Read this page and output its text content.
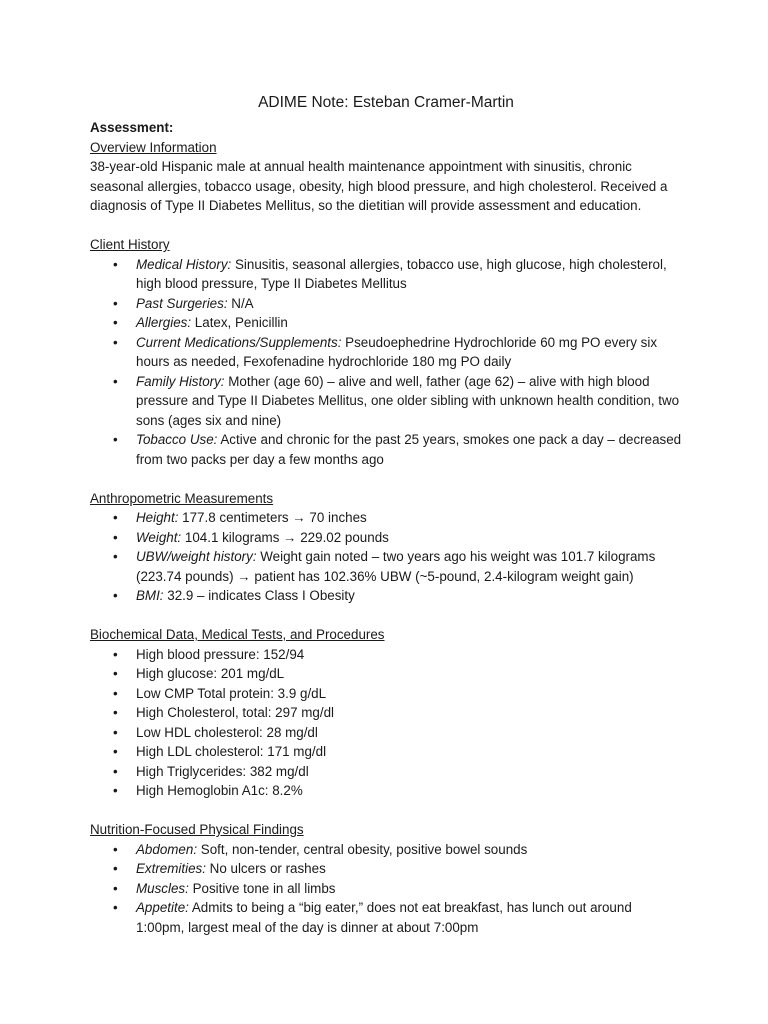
ADIME Note: Esteban Cramer-Martin
Assessment:
Overview Information

38-year-old Hispanic male at annual health maintenance appointment with sinusitis, chronic seasonal allergies, tobacco usage, obesity, high blood pressure, and high cholesterol. Received a diagnosis of Type II Diabetes Mellitus, so the dietitian will provide assessment and education.

Client History
• Medical History: Sinusitis, seasonal allergies, tobacco use, high glucose, high cholesterol, high blood pressure, Type II Diabetes Mellitus
• Past Surgeries: N/A
• Allergies: Latex, Penicillin
• Current Medications/Supplements: Pseudoephedrine Hydrochloride 60 mg PO every six hours as needed, Fexofenadine hydrochloride 180 mg PO daily
• Family History: Mother (age 60) – alive and well, father (age 62) – alive with high blood pressure and Type II Diabetes Mellitus, one older sibling with unknown health condition, two sons (ages six and nine)
• Tobacco Use: Active and chronic for the past 25 years, smokes one pack a day – decreased from two packs per day a few months ago
Anthropometric Measurements
• Height: 177.8 centimeters → 70 inches
• Weight: 104.1 kilograms → 229.02 pounds
• UBW/weight history: Weight gain noted – two years ago his weight was 101.7 kilograms (223.74 pounds) → patient has 102.36% UBW (~5-pound, 2.4-kilogram weight gain)
• BMI: 32.9 – indicates Class I Obesity
Biochemical Data, Medical Tests, and Procedures
• High blood pressure: 152/94
• High glucose: 201 mg/dL
• Low CMP Total protein: 3.9 g/dL
• High Cholesterol, total: 297 mg/dl
• Low HDL cholesterol: 28 mg/dl
• High LDL cholesterol: 171 mg/dl
• High Triglycerides: 382 mg/dl
• High Hemoglobin A1c: 8.2%
Nutrition-Focused Physical Findings
• Abdomen: Soft, non-tender, central obesity, positive bowel sounds
• Extremities: No ulcers or rashes
• Muscles: Positive tone in all limbs
• Appetite: Admits to being a “big eater,” does not eat breakfast, has lunch out around 1:00pm, largest meal of the day is dinner at about 7:00pm
